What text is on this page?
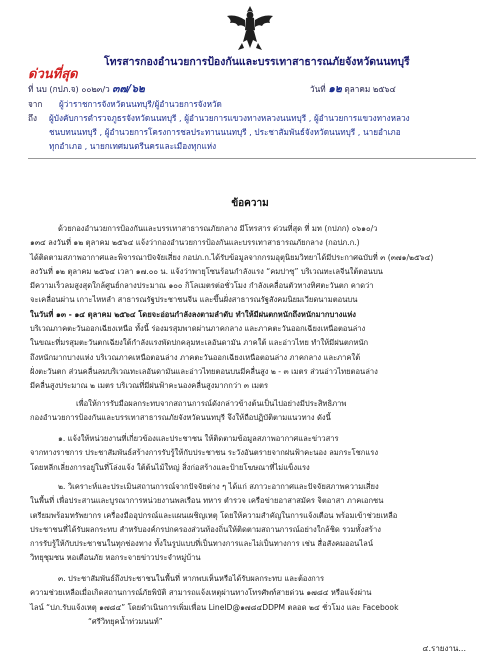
โทรสารกองอำนวยการป้องกันและบรรเทาสาธารณภัยจังหวัดนนทบุรี
ด่วนที่สุด
ที่ นบ (กปภ.จ) ๐๐๒๓/ว ๓๗/๖๒	วันที่ ๑๒ ตุลาคม ๒๕๖๔
จาก ผู้ว่าราชการจังหวัดนนทบุรี/ผู้อำนวยการจังหวัด
ถึง ผู้บังคับการตำรวจภูธรจังหวัดนนทบุรี , ผู้อำนวยการแขวงทางหลวงนนทบุรี , ผู้อำนวยการแขวงทางหลวง
ชนบทนนทบุรี , ผู้อำนวยการโครงการชลประทานนนทบุรี , ประชาสัมพันธ์จังหวัดนนทบุรี , นายอำเภอ
ทุกอำเภอ , นายกเทศมนตรีนครและเมืองทุกแห่ง
ข้อความ
ด้วยกองอำนวยการป้องกันและบรรเทาสาธารณภัยกลาง มีโทรสาร ด่วนที่สุด ที่ มท (กปภก) ๐๖๑๐/ว
๑๓๔ ลงวันที่ ๑๒ ตุลาคม ๒๕๖๔ แจ้งว่ากองอำนวยการป้องกันและบรรเทาสาธารณภัยกลาง (กอปภ.ก.)
ได้ติดตามสภาพอากาศและพิจารณาปัจจัยเสี่ยง กอปภ.ก.ได้รับข้อมูลจากกรมอุตุนิยมวิทยาได้มีประกาศฉบับที่ ๓ (๓๗๑/๒๕๖๔)
ลงวันที่ ๑๒ ตุลาคม ๒๕๖๔ เวลา ๑๗.๐๐ น. แจ้งว่าพายุโซนร้อนกำลังแรง “คมปาซุ” บริเวณทะเลจีนใต้ตอนบน
มีความเร็วลมสูงสุดใกล้ศูนย์กลางประมาณ ๑๐๐ กิโลเมตรต่อชั่วโมง กำลังเคลื่อนตัวทางทิศตะวันตก คาดว่า
จะเคลื่อนผ่าน เกาะไหหลำ สาธารณรัฐประชาชนจีน และขึ้นฝั่งสาธารณรัฐสังคมนิยมเวียดนามตอนบน
ในวันที่ ๑๓ - ๑๔ ตุลาคม ๒๕๖๔ โดยจะอ่อนกำลังลงตามลำดับ ทำให้มีฝนตกหนักถึงหนักมากบางแห่ง
บริเวณภาคตะวันออกเฉียงเหนือ ทั้งนี้ ร่องมรสุมพาดผ่านภาคกลาง และภาคตะวันออกเฉียงเหนือตอนล่าง
ในขณะที่มรสุมตะวันตกเฉียงใต้กำลังแรงพัดปกคลุมทะเลอันดามัน ภาคใต้ และอ่าวไทย ทำให้มีฝนตกหนัก
ถึงหนักมากบางแห่ง บริเวณภาคเหนือตอนล่าง ภาคตะวันออกเฉียงเหนือตอนล่าง ภาคกลาง และภาคใต้
ฝั่งตะวันตก ส่วนคลื่นลมบริเวณทะเลอันดามันและอ่าวไทยตอนบนมีคลื่นสูง ๒ - ๓ เมตร ส่วนอ่าวไทยตอนล่าง
มีคลื่นสูงประมาณ ๒ เมตร บริเวณที่มีฝนฟ้าคะนองคลื่นสูงมากกว่า ๓ เมตร
เพื่อให้การรับมือผลกระทบจากสถานการณ์ดังกล่าวข้างต้นเป็นไปอย่างมีประสิทธิภาพ
กองอำนวยการป้องกันและบรรเทาสาธารณภัยจังหวัดนนทบุรี จึงให้ถือปฏิบัติตามแนวทาง ดังนี้
๑. แจ้งให้หน่วยงานที่เกี่ยวข้องและประชาชน ให้ติดตามข้อมูลสภาพอากาศและข่าวสาร
จากทางราชการ ประชาสัมพันธ์สร้างการรับรู้ให้กับประชาชน ระวังอันตรายจากฝนฟ้าคะนอง ลมกระโชกแรง
โดยหลีกเลี่ยงการอยู่ในที่โล่งแจ้ง ใต้ต้นไม้ใหญ่ สิ่งก่อสร้างและป้ายโฆษณาที่ไม่แข็งแรง
๒. วิเคราะห์และประเมินสถานการณ์จากปัจจัยต่าง ๆ ได้แก่ สภาวะอากาศและปัจจัยสภาพความเสี่ยง
ในพื้นที่ เพื่อประสานและบูรณาการหน่วยงานพลเรือน ทหาร ตำรวจ เครือข่ายอาสาสมัคร จิตอาสา ภาคเอกชน
เตรียมพร้อมทรัพยากร เครื่องมืออุปกรณ์และแผนเผชิญเหตุ โดยให้ความสำคัญในการแจ้งเตือน พร้อมเข้าช่วยเหลือ
ประชาชนที่ได้รับผลกระทบ สำหรับองค์กรปกครองส่วนท้องถิ่นให้ติดตามสถานการณ์อย่างใกล้ชิด รวมทั้งสร้าง
การรับรู้ให้กับประชาชนในทุกช่องทาง ทั้งในรูปแบบที่เป็นทางการและไม่เป็นทางการ เช่น สื่อสังคมออนไลน์
วิทยุชุมชน หอเตือนภัย หอกระจายข่าวประจำหมู่บ้าน
๓. ประชาสัมพันธ์ถึงประชาชนในพื้นที่ หากพบเห็นหรือได้รับผลกระทบ และต้องการ
ความช่วยเหลือเมื่อเกิดสถานการณ์ภัยพิบัติ สามารถแจ้งเหตุผ่านทางโทรศัพท์สายด่วน ๑๗๘๔ หรือแจ้งผ่าน
ไลน์ “ปภ.รับแจ้งเหตุ ๑๗๘๔” โดยดำเนินการเพิ่มเพื่อน LineID@๑๗๘๔DDPM ตลอด ๒๔ ชั่วโมง และ Facebook
“ศรีวิทยุคน้ำท่วมนนท์”
๔.รายงาน...
